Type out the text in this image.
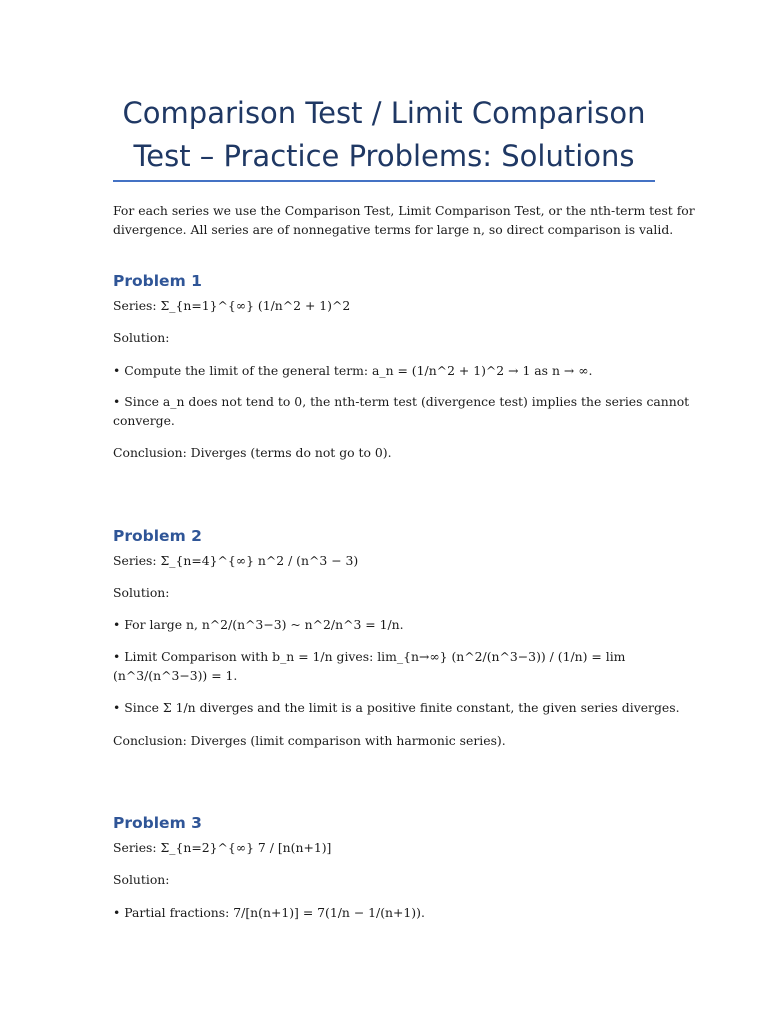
Comparison Test / Limit Comparison
Test – Practice Problems: Solutions

For each series we use the Comparison Test, Limit Comparison Test, or the nth-term test for

divergence. All series are of nonnegative terms for large n, so direct comparison is valid.

Problem 1

Series: Σ_{n=1}^{∞} (1/n^2 + 1)^2

Solution:

• Compute the limit of the general term: a_n = (1/n^2 + 1)^2 → 1 as n → ∞.

• Since a_n does not tend to 0, the nth-term test (divergence test) implies the series cannot

converge.

Conclusion: Diverges (terms do not go to 0).

Problem 2

Series: Σ_{n=4}^{∞} n^2 / (n^3 − 3)

Solution:

• For large n, n^2/(n^3−3) ~ n^2/n^3 = 1/n.

• Limit Comparison with b_n = 1/n gives: lim_{n→∞} (n^2/(n^3−3)) / (1/n) = lim

(n^3/(n^3−3)) = 1.

• Since Σ 1/n diverges and the limit is a positive finite constant, the given series diverges.

Conclusion: Diverges (limit comparison with harmonic series).

Problem 3

Series: Σ_{n=2}^{∞} 7 / [n(n+1)]

Solution:

• Partial fractions: 7/[n(n+1)] = 7(1/n − 1/(n+1)).
